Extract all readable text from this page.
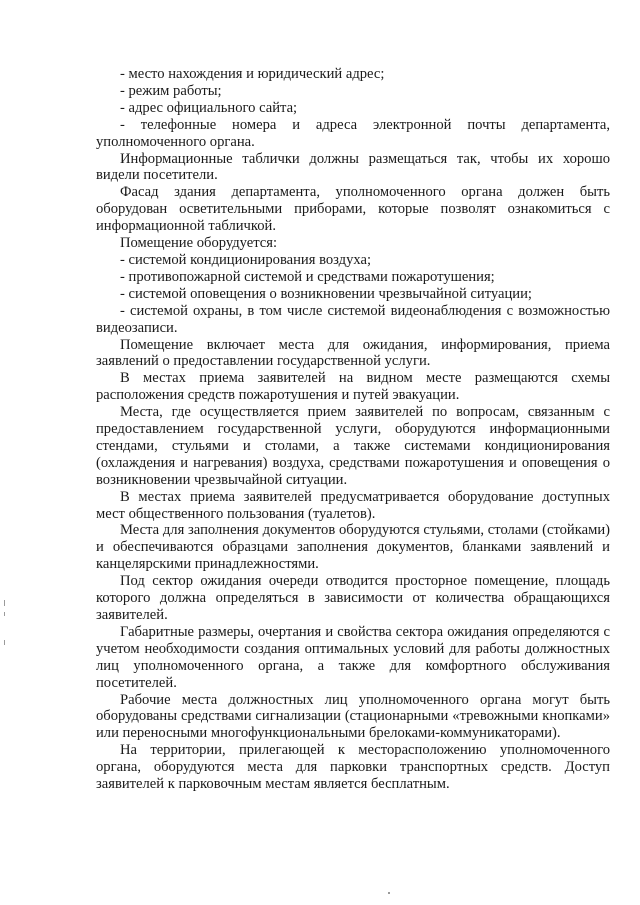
- место нахождения и юридический адрес;

- режим работы;

- адрес официального сайта;

- телефонные номера и адреса электронной почты департамента, уполномоченного органа.

Информационные таблички должны размещаться так, чтобы их хорошо видели посетители.

Фасад здания департамента, уполномоченного органа должен быть оборудован осветительными приборами, которые позволят ознакомиться с информационной табличкой.

Помещение оборудуется:

- системой кондиционирования воздуха;

- противопожарной системой и средствами пожаротушения;

- системой оповещения о возникновении чрезвычайной ситуации;

- системой охраны, в том числе системой видеонаблюдения с возможностью видеозаписи.

Помещение включает места для ожидания, информирования, приема заявлений о предоставлении государственной услуги.

В местах приема заявителей на видном месте размещаются схемы расположения средств пожаротушения и путей эвакуации.

Места, где осуществляется прием заявителей по вопросам, связанным с предоставлением государственной услуги, оборудуются информационными стендами, стульями и столами, а также системами кондиционирования (охлаждения и нагревания) воздуха, средствами пожаротушения и оповещения о возникновении чрезвычайной ситуации.

В местах приема заявителей предусматривается оборудование доступных мест общественного пользования (туалетов).

Места для заполнения документов оборудуются стульями, столами (стойками) и обеспечиваются образцами заполнения документов, бланками заявлений и канцелярскими принадлежностями.

Под сектор ожидания очереди отводится просторное помещение, площадь которого должна определяться в зависимости от количества обращающихся заявителей.

Габаритные размеры, очертания и свойства сектора ожидания определяются с учетом необходимости создания оптимальных условий для работы должностных лиц уполномоченного органа, а также для комфортного обслуживания посетителей.

Рабочие места должностных лиц уполномоченного органа могут быть оборудованы средствами сигнализации (стационарными «тревожными кнопками» или переносными многофункциональными брелоками-коммуникаторами).

На территории, прилегающей к месторасположению уполномоченного органа, оборудуются места для парковки транспортных средств. Доступ заявителей к парковочным местам является бесплатным.
